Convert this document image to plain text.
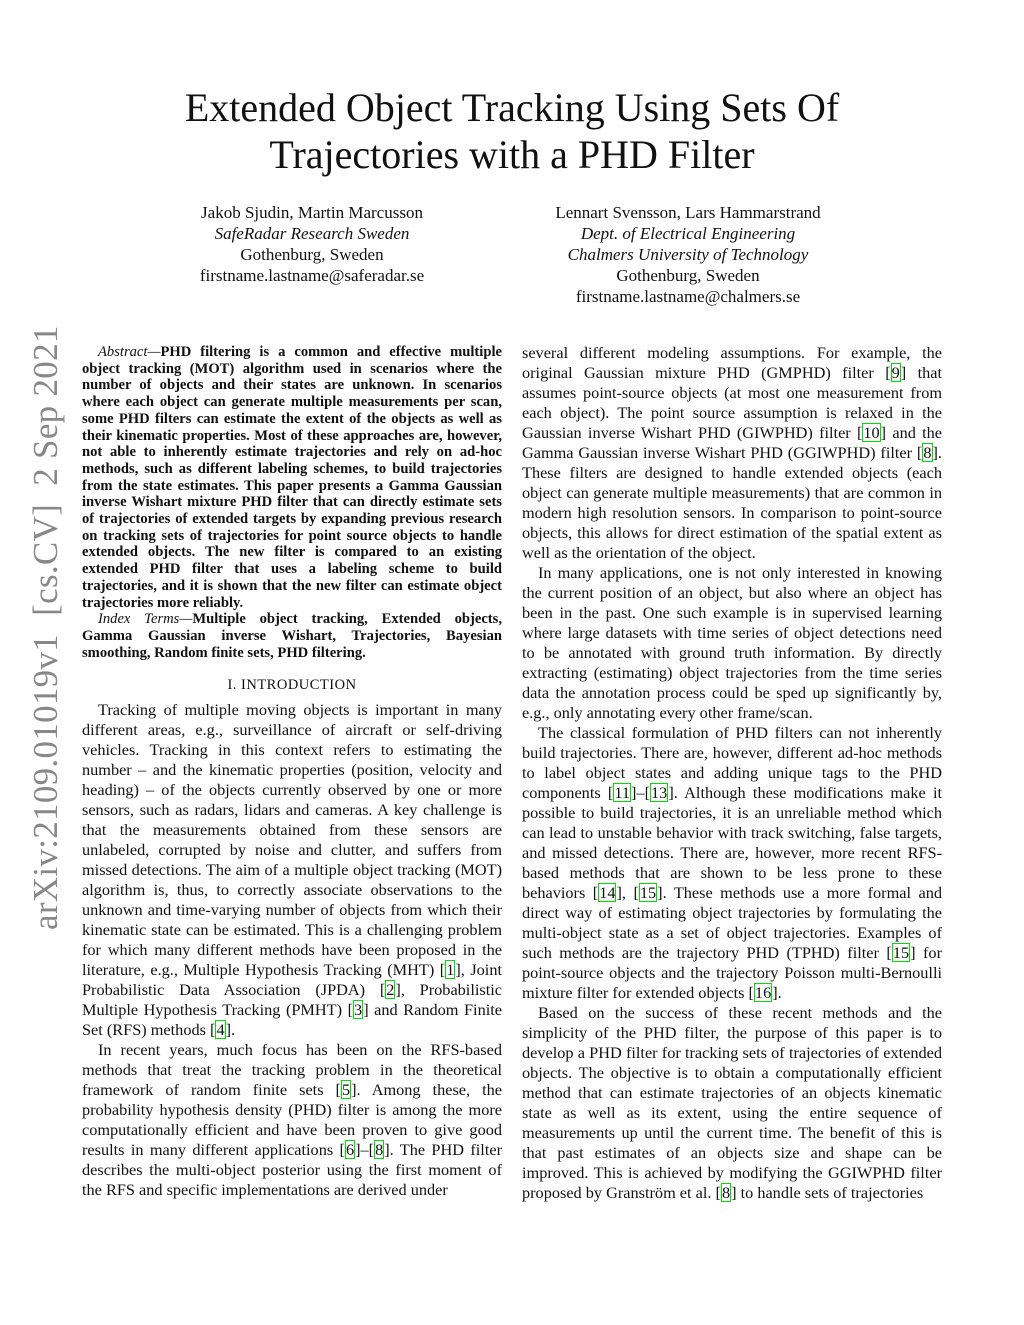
Extended Object Tracking Using Sets Of
Trajectories with a PHD Filter
Jakob Sjudin, Martin Marcusson
SafeRadar Research Sweden
Gothenburg, Sweden
firstname.lastname@saferadar.se
Lennart Svensson, Lars Hammarstrand
Dept. of Electrical Engineering
Chalmers University of Technology
Gothenburg, Sweden
firstname.lastname@chalmers.se
arXiv:2109.01019v1  [cs.CV]  2 Sep 2021	Abstract—PHD filtering is a common and effective multiple object tracking (MOT) algorithm used in scenarios where the number of objects and their states are unknown. In scenarios where each object can generate multiple measurements per scan, some PHD filters can estimate the extent of the objects as well as their kinematic properties. Most of these approaches are, however, not able to inherently estimate trajectories and rely on ad-hoc methods, such as different labeling schemes, to build trajectories from the state estimates. This paper presents a Gamma Gaussian inverse Wishart mixture PHD filter that can directly estimate sets of trajectories of extended targets by expanding previous research on tracking sets of trajectories for point source objects to handle extended objects. The new filter is compared to an existing extended PHD filter that uses a labeling scheme to build trajectories, and it is shown that the new filter can estimate object trajectories more reliably.

Index Terms—Multiple object tracking, Extended objects, Gamma Gaussian inverse Wishart, Trajectories, Bayesian smoothing, Random finite sets, PHD filtering.

I. INTRODUCTION

Tracking of multiple moving objects is important in many different areas, e.g., surveillance of aircraft or self-driving vehicles. Tracking in this context refers to estimating the number – and the kinematic properties (position, velocity and heading) – of the objects currently observed by one or more sensors, such as radars, lidars and cameras. A key challenge is that the measurements obtained from these sensors are unlabeled, corrupted by noise and clutter, and suffers from missed detections. The aim of a multiple object tracking (MOT) algorithm is, thus, to correctly associate observations to the unknown and time-varying number of objects from which their kinematic state can be estimated. This is a challenging problem for which many different methods have been proposed in the literature, e.g., Multiple Hypothesis Tracking (MHT) [1], Joint Probabilistic Data Association (JPDA) [2], Probabilistic Multiple Hypothesis Tracking (PMHT) [3] and Random Finite Set (RFS) methods [4].

In recent years, much focus has been on the RFS-based methods that treat the tracking problem in the theoretical framework of random finite sets [5]. Among these, the probability hypothesis density (PHD) filter is among the more computationally efficient and have been proven to give good results in many different applications [6]–[8]. The PHD filter describes the multi-object posterior using the first moment of the RFS and specific implementations are derived under

several different modeling assumptions. For example, the original Gaussian mixture PHD (GMPHD) filter [9] that assumes point-source objects (at most one measurement from each object). The point source assumption is relaxed in the Gaussian inverse Wishart PHD (GIWPHD) filter [10] and the Gamma Gaussian inverse Wishart PHD (GGIWPHD) filter [8]. These filters are designed to handle extended objects (each object can generate multiple measurements) that are common in modern high resolution sensors. In comparison to point-source objects, this allows for direct estimation of the spatial extent as well as the orientation of the object.

In many applications, one is not only interested in knowing the current position of an object, but also where an object has been in the past. One such example is in supervised learning where large datasets with time series of object detections need to be annotated with ground truth information. By directly extracting (estimating) object trajectories from the time series data the annotation process could be sped up significantly by, e.g., only annotating every other frame/scan.

The classical formulation of PHD filters can not inherently build trajectories. There are, however, different ad-hoc methods to label object states and adding unique tags to the PHD components [11]–[13]. Although these modifications make it possible to build trajectories, it is an unreliable method which can lead to unstable behavior with track switching, false targets, and missed detections. There are, however, more recent RFS-based methods that are shown to be less prone to these behaviors [14], [15]. These methods use a more formal and direct way of estimating object trajectories by formulating the multi-object state as a set of object trajectories. Examples of such methods are the trajectory PHD (TPHD) filter [15] for point-source objects and the trajectory Poisson multi-Bernoulli mixture filter for extended objects [16].

Based on the success of these recent methods and the simplicity of the PHD filter, the purpose of this paper is to develop a PHD filter for tracking sets of trajectories of extended objects. The objective is to obtain a computationally efficient method that can estimate trajectories of an objects kinematic state as well as its extent, using the entire sequence of measurements up until the current time. The benefit of this is that past estimates of an objects size and shape can be improved. This is achieved by modifying the GGIWPHD filter proposed by Granström et al. [8] to handle sets of trajectories
